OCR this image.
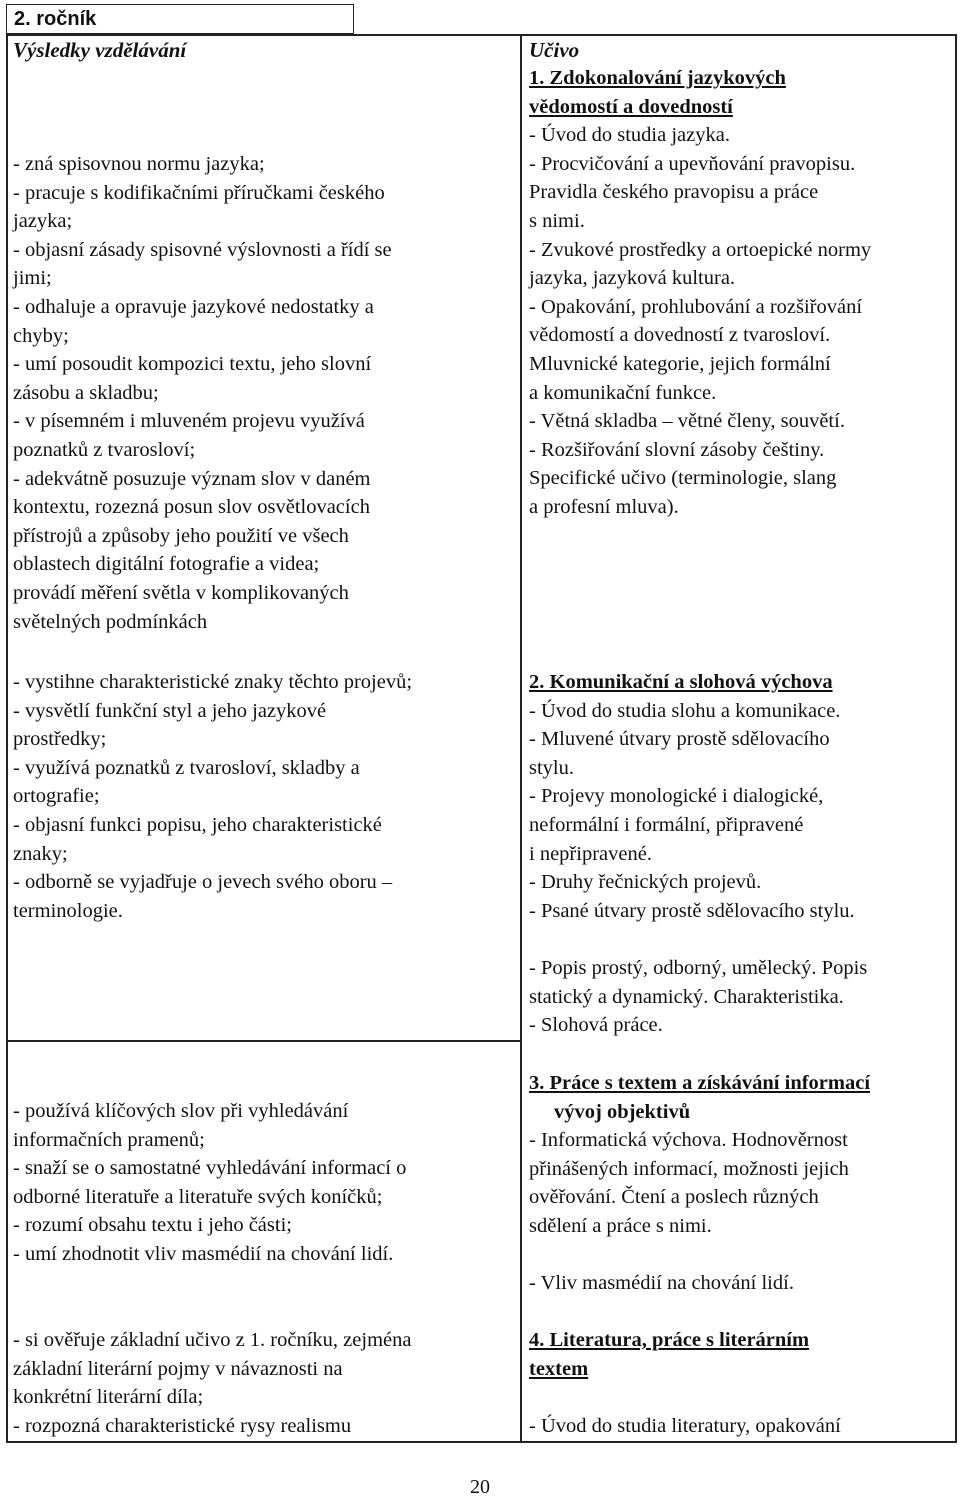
2. ročník
Výsledky vzdělávání	Učivo
- zná spisovnou normu jazyka;
- pracuje s kodifikačními příručkami českého
jazyka;
- objasní zásady spisovné výslovnosti a řídí se
jimi;
- odhaluje a opravuje jazykové nedostatky a
chyby;
- umí posoudit kompozici textu, jeho slovní
zásobu a skladbu;
- v písemném i mluveném projevu využívá
poznatků z tvarosloví;
- adekvátně posuzuje význam slov v daném
kontextu, rozezná posun slov osvětlovacích
přístrojů a způsoby jeho použití ve všech
oblastech digitální fotografie a videa;
provádí měření světla v komplikovaných
světelných podmínkách
1. Zdokonalování jazykových
vědomostí a dovedností
- Úvod do studia jazyka.
- Procvičování a upevňování pravopisu.
Pravidla českého pravopisu a práce
s nimi.
- Zvukové prostředky a ortoepické normy
jazyka, jazyková kultura.
- Opakování, prohlubování a rozšiřování
vědomostí a dovedností z tvarosloví.
Mluvnické kategorie, jejich formální
a komunikační funkce.
- Větná skladba – větné členy, souvětí.
- Rozšiřování slovní zásoby češtiny.
Specifické učivo (terminologie, slang
a profesní mluva).
- vystihne charakteristické znaky těchto projevů;
- vysvětlí funkční styl a jeho jazykové
prostředky;
- využívá poznatků z tvarosloví, skladby a
ortografie;
- objasní funkci popisu, jeho charakteristické
znaky;
- odborně se vyjadřuje o jevech svého oboru –
terminologie.
2. Komunikační a slohová výchova
- Úvod do studia slohu a komunikace.
- Mluvené útvary prostě sdělovacího
stylu.
- Projevy monologické i dialogické,
neformální i formální, připravené
i nepřipravené.
- Druhy řečnických projevů.
- Psané útvary prostě sdělovacího stylu.
- Popis prostý, odborný, umělecký. Popis
statický a dynamický. Charakteristika.
- Slohová práce.
- používá klíčových slov při vyhledávání
informačních pramenů;
- snaží se o samostatné vyhledávání informací o
odborné literatuře a literatuře svých koníčků;
- rozumí obsahu textu i jeho části;
- umí zhodnotit vliv masmédií na chování lidí.
3. Práce s textem a získávání informací
vývoj objektivů
- Informatická výchova. Hodnověrnost
přinášených informací, možnosti jejich
ověřování. Čtení a poslech různých
sdělení a práce s nimi.
- Vliv masmédií na chování lidí.
- si ověřuje základní učivo z 1. ročníku, zejména
základní literární pojmy v návaznosti na
konkrétní literární díla;
- rozpozná charakteristické rysy realismu
4. Literatura, práce s literárním
textem
- Úvod do studia literatury, opakování
20
